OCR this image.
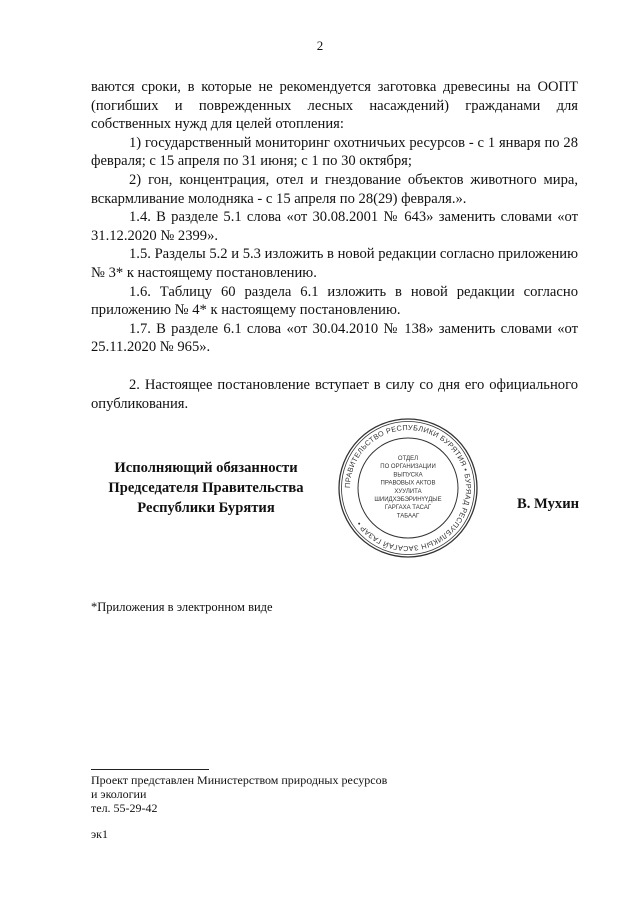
2

ваются сроки, в которые не рекомендуется заготовка древесины на ООПТ (погибших и поврежденных лесных насаждений) гражданами для собственных нужд для целей отопления:

1) государственный мониторинг охотничьих ресурсов - с 1 января по 28 февраля; с 15 апреля по 31 июня; с 1 по 30 октября;

2) гон, концентрация, отел и гнездование объектов животного мира, вскармливание молодняка - с 15 апреля по 28(29) февраля.».

1.4. В разделе 5.1 слова «от 30.08.2001 № 643» заменить словами «от 31.12.2020 № 2399».

1.5. Разделы 5.2 и 5.3 изложить в новой редакции согласно приложению № 3* к настоящему постановлению.

1.6. Таблицу 60 раздела 6.1 изложить в новой редакции согласно приложению № 4* к настоящему постановлению.

1.7. В разделе 6.1 слова «от 30.04.2010 № 138» заменить словами «от 25.11.2020 № 965».

2. Настоящее постановление вступает в силу со дня его официального опубликования.

Исполняющий обязанности
Председателя Правительства
Республики Бурятия
ПРАВИТЕЛЬСТВО РЕСПУБЛИКИ БУРЯТИЯ • БУРЯАД РЕСПУБЛИКЫН ЗАСАГАЙ ГАЗАР •
ОТДЕЛ
ПО ОРГАНИЗАЦИИ
ВЫПУСКА
ПРАВОВЫХ АКТОВ
ХУУЛИТА
ШИИДХЭБЭРИНҮҮДЫЕ
ГАРГАХА ТАСАГ
ТАБААГ
В. Мухин
*Приложения в электронном виде
Проект представлен Министерством природных ресурсов
и экологии
тел. 55-29-42
эк1
